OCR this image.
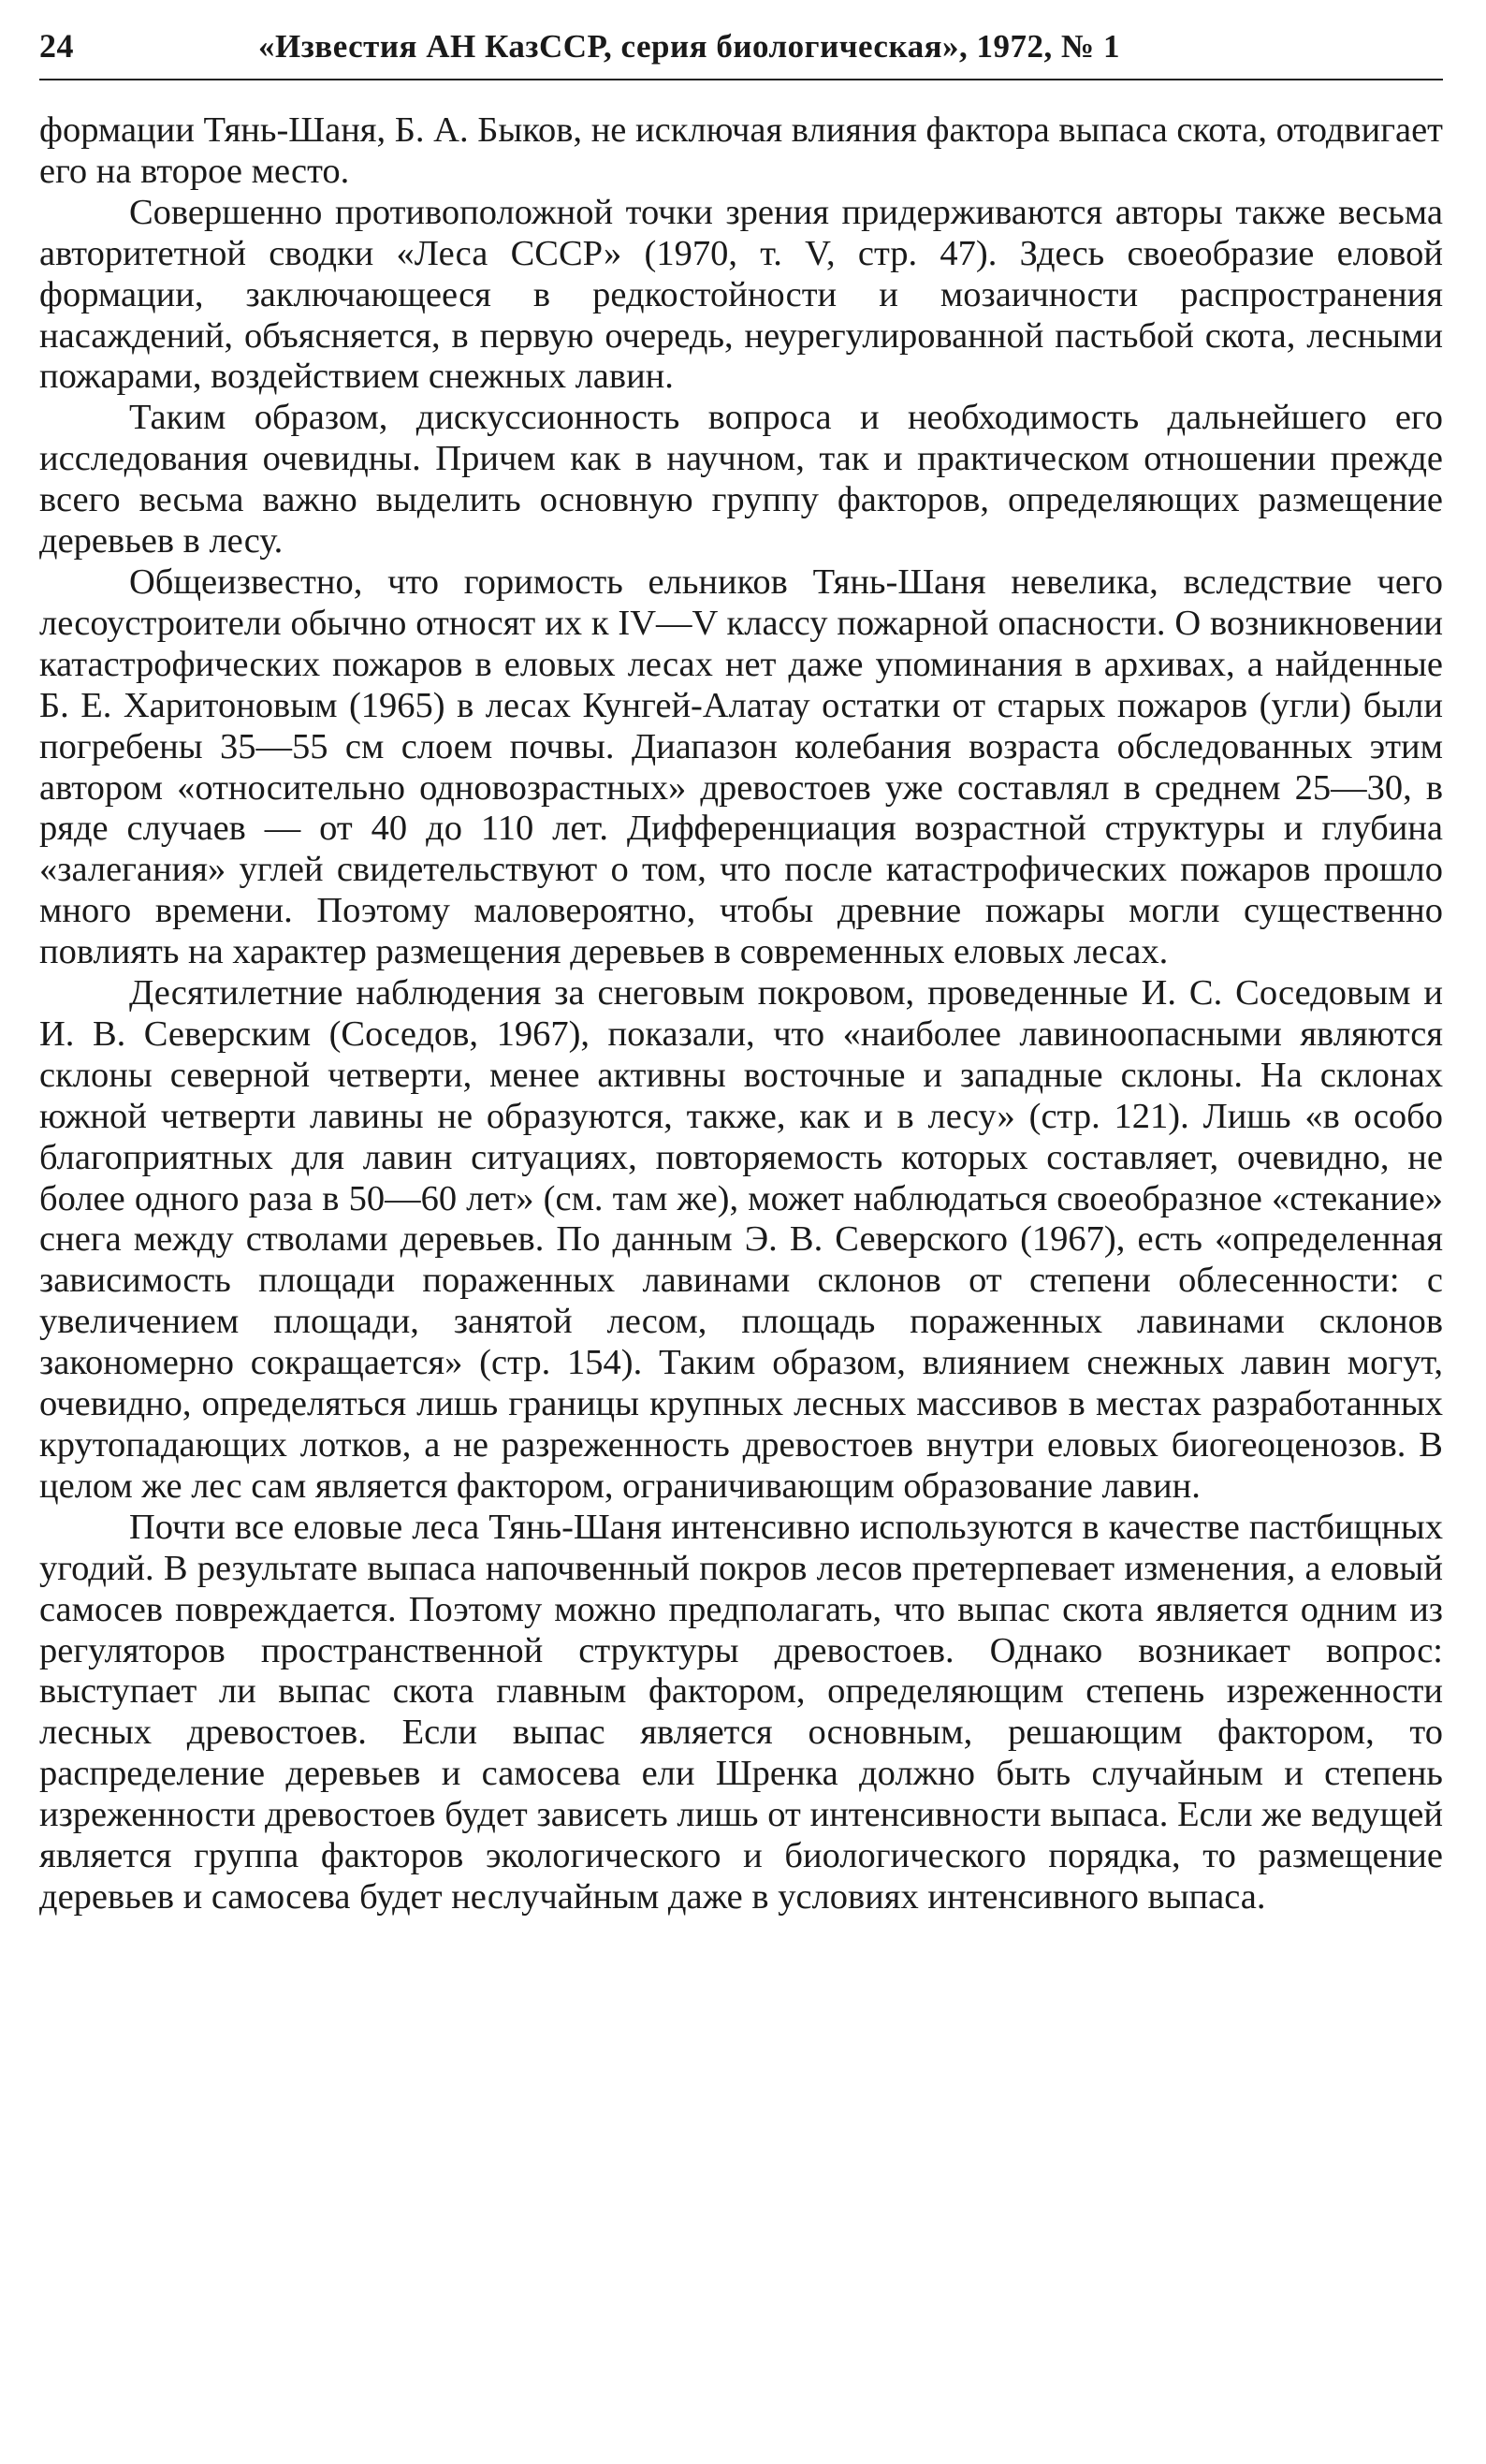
24	«Известия АН КазССР, серия биологическая», 1972, № 1

формации Тянь-Шаня, Б. А. Быков, не исключая влияния фактора выпаса скота, отодвигает его на второе место.

Совершенно противоположной точки зрения придерживаются авторы также весьма авторитетной сводки «Леса СССР» (1970, т. V, стр. 47). Здесь своеобразие еловой формации, заключающееся в редкостойности и мозаичности распространения насаждений, объясняется, в первую очередь, неурегулированной пастьбой скота, лесными пожарами, воздействием снежных лавин.

Таким образом, дискуссионность вопроса и необходимость дальнейшего его исследования очевидны. Причем как в научном, так и практическом отношении прежде всего весьма важно выделить основную группу факторов, определяющих размещение деревьев в лесу.

Общеизвестно, что горимость ельников Тянь-Шаня невелика, вследствие чего лесоустроители обычно относят их к IV—V классу пожарной опасности. О возникновении катастрофических пожаров в еловых лесах нет даже упоминания в архивах, а найденные Б. Е. Харитоновым (1965) в лесах Кунгей-Алатау остатки от старых пожаров (угли) были погребены 35—55 см слоем почвы. Диапазон колебания возраста обследованных этим автором «относительно одновозрастных» древостоев уже составлял в среднем 25—30, в ряде случаев — от 40 до 110 лет. Дифференциация возрастной структуры и глубина «залегания» углей свидетельствуют о том, что после катастрофических пожаров прошло много времени. Поэтому маловероятно, чтобы древние пожары могли существенно повлиять на характер размещения деревьев в современных еловых лесах.

Десятилетние наблюдения за снеговым покровом, проведенные И. С. Соседовым и И. В. Северским (Соседов, 1967), показали, что «наиболее лавиноопасными являются склоны северной четверти, менее активны восточные и западные склоны. На склонах южной четверти лавины не образуются, также, как и в лесу» (стр. 121). Лишь «в особо благоприятных для лавин ситуациях, повторяемость которых составляет, очевидно, не более одного раза в 50—60 лет» (см. там же), может наблюдаться своеобразное «стекание» снега между стволами деревьев. По данным Э. В. Северского (1967), есть «определенная зависимость площади пораженных лавинами склонов от степени облесенности: с увеличением площади, занятой лесом, площадь пораженных лавинами склонов закономерно сокращается» (стр. 154). Таким образом, влиянием снежных лавин могут, очевидно, определяться лишь границы крупных лесных массивов в местах разработанных крутопадающих лотков, а не разреженность древостоев внутри еловых биогеоценозов. В целом же лес сам является фактором, ограничивающим образование лавин.

Почти все еловые леса Тянь-Шаня интенсивно используются в качестве пастбищных угодий. В результате выпаса напочвенный покров лесов претерпевает изменения, а еловый самосев повреждается. Поэтому можно предполагать, что выпас скота является одним из регуляторов пространственной структуры древостоев. Однако возникает вопрос: выступает ли выпас скота главным фактором, определяющим степень изреженности лесных древостоев. Если выпас является основным, решающим фактором, то распределение деревьев и самосева ели Шренка должно быть случайным и степень изреженности древостоев будет зависеть лишь от интенсивности выпаса. Если же ведущей является группа факторов экологического и биологического порядка, то размещение деревьев и самосева будет неслучайным даже в условиях интенсивного выпаса.
